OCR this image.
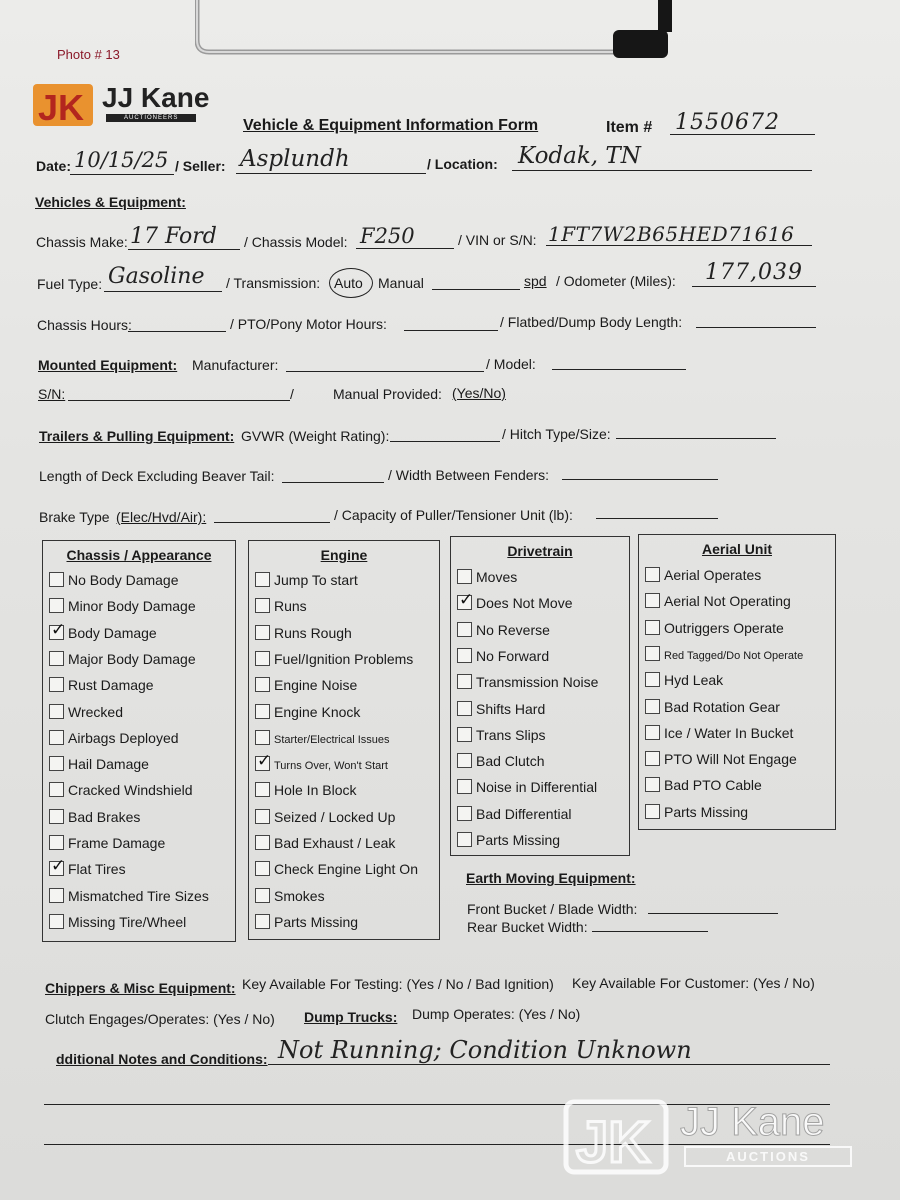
Photo # 13
JK JJ Kane
AUCTIONEERS	Vehicle & Equipment Information Form	Item # 1550672
Date: 10/15/25 / Seller: Asplundh	/ Location: Kodak, TN
Vehicles & Equipment:
Chassis Make: 17 Ford / Chassis Model: F250	/ VIN or S/N: 1FT7W2B65HED71616
Fuel Type: Gasoline / Transmission: Auto Manual	spd / Odometer (Miles): 177,039
Chassis Hours:	/ PTO/Pony Motor Hours:	/ Flatbed/Dump Body Length:
Mounted Equipment: Manufacturer:	/ Model:
S/N:	/	Manual Provided: (Yes/No)
Trailers & Pulling Equipment: GVWR (Weight Rating):	/ Hitch Type/Size:
Length of Deck Excluding Beaver Tail:	/ Width Between Fenders:
Brake Type (Elec/Hvd/Air):	/ Capacity of Puller/Tensioner Unit (lb):
Chassis / Appearance
No Body Damage
Minor Body Damage
✓Body Damage
Major Body Damage
Rust Damage
Wrecked
Airbags Deployed
Hail Damage
Cracked Windshield
Bad Brakes
Frame Damage
✓Flat Tires
Mismatched Tire Sizes
Missing Tire/Wheel
Engine
Jump To start
Runs
Runs Rough
Fuel/Ignition Problems
Engine Noise
Engine Knock
Starter/Electrical Issues
✓Turns Over, Won't Start
Hole In Block
Seized / Locked Up
Bad Exhaust / Leak
Check Engine Light On
Smokes
Parts Missing
Drivetrain
Moves
✓Does Not Move
No Reverse
No Forward
Transmission Noise
Shifts Hard
Trans Slips
Bad Clutch
Noise in Differential
Bad Differential
Parts Missing
Aerial Unit
Aerial Operates
Aerial Not Operating
Outriggers Operate
Red Tagged/Do Not Operate
Hyd Leak
Bad Rotation Gear
Ice / Water In Bucket
PTO Will Not Engage
Bad PTO Cable
Parts Missing
Earth Moving Equipment:
Front Bucket / Blade Width:
Rear Bucket Width:
Chippers & Misc Equipment: Key Available For Testing: (Yes / No / Bad Ignition) Key Available For Customer: (Yes / No)
Clutch Engages/Operates: (Yes / No) Dump Trucks: Dump Operates: (Yes / No)
dditional Notes and Conditions: Not Running; Condition Unknown
JK JJ Kane
AUCTIONS
